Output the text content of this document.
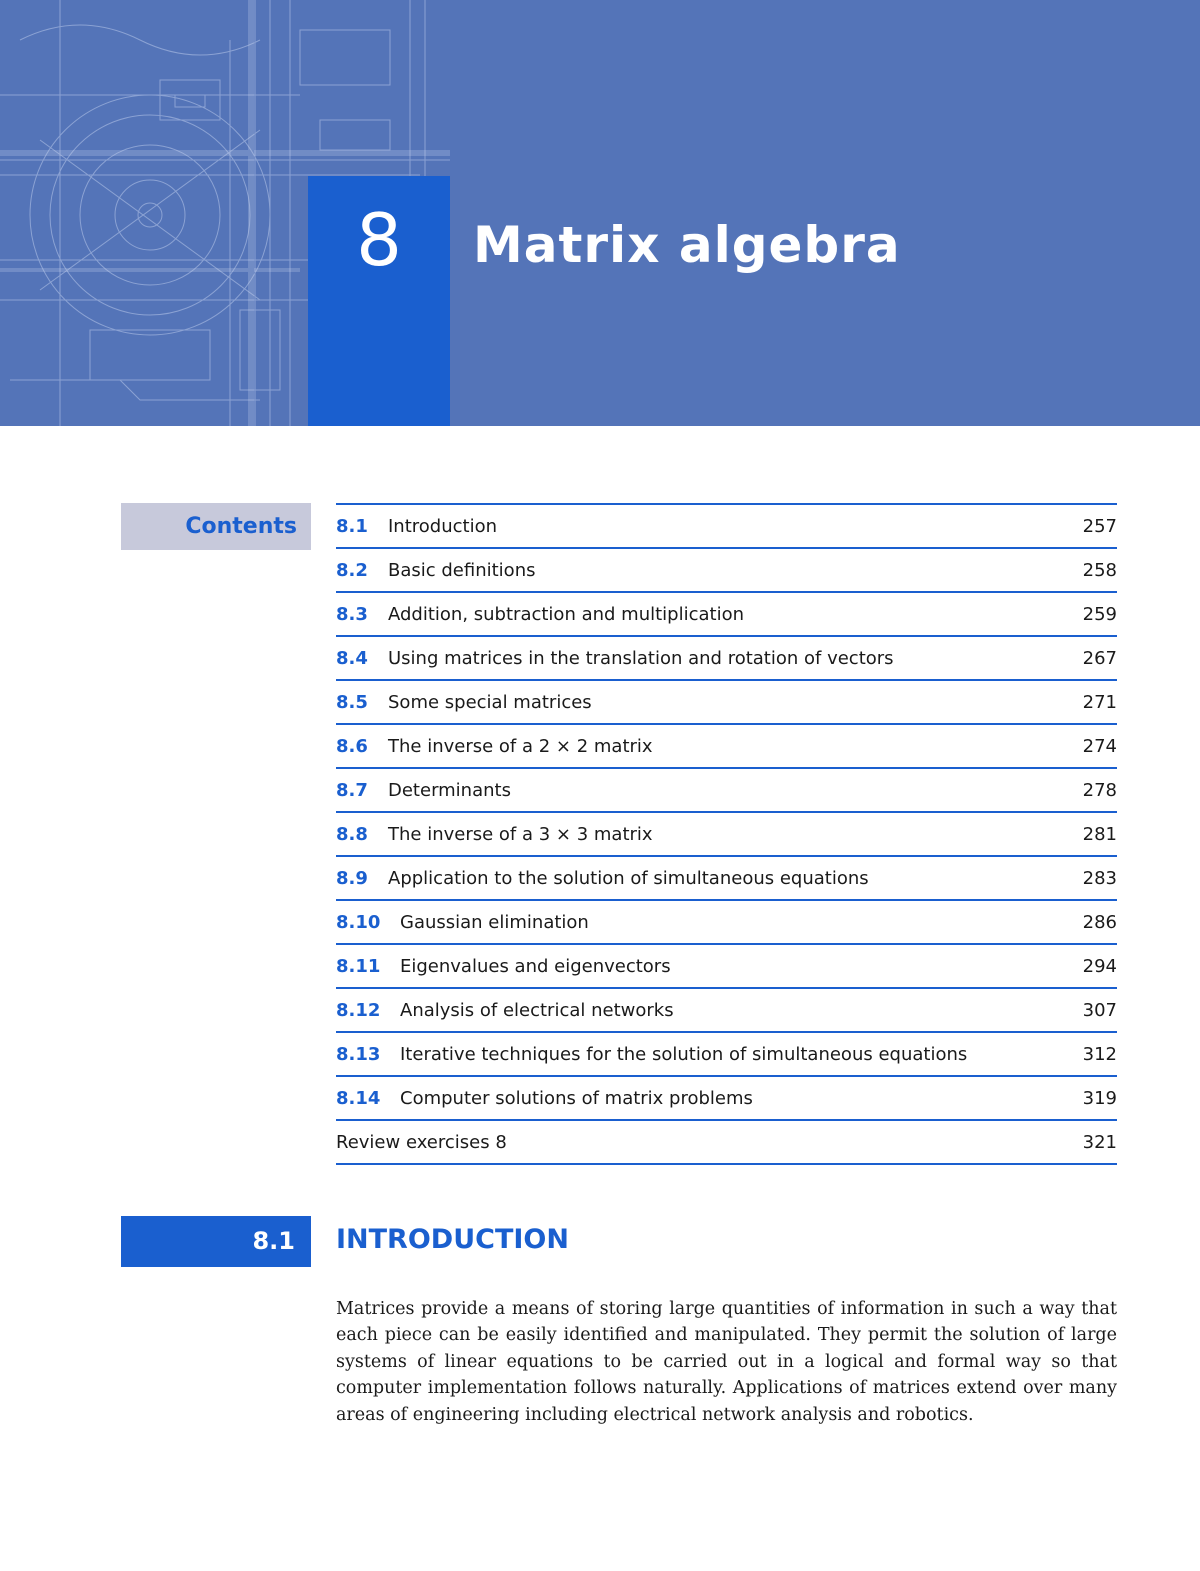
8	Matrix algebra
Contents	8.1 Introduction	257
8.2 Basic definitions	258
8.3 Addition, subtraction and multiplication	259
8.4 Using matrices in the translation and rotation of vectors	267
8.5 Some special matrices	271
8.6 The inverse of a 2 × 2 matrix	274
8.7 Determinants	278
8.8 The inverse of a 3 × 3 matrix	281
8.9 Application to the solution of simultaneous equations	283
8.10 Gaussian elimination	286
8.11 Eigenvalues and eigenvectors	294
8.12 Analysis of electrical networks	307
8.13 Iterative techniques for the solution of simultaneous equations	312
8.14 Computer solutions of matrix problems	319
Review exercises 8	321
8.1	INTRODUCTION

Matrices provide a means of storing large quantities of information in such a way that each piece can be easily identified and manipulated. They permit the solution of large systems of linear equations to be carried out in a logical and formal way so that computer implementation follows naturally. Applications of matrices extend over many areas of engineering including electrical network analysis and robotics.
